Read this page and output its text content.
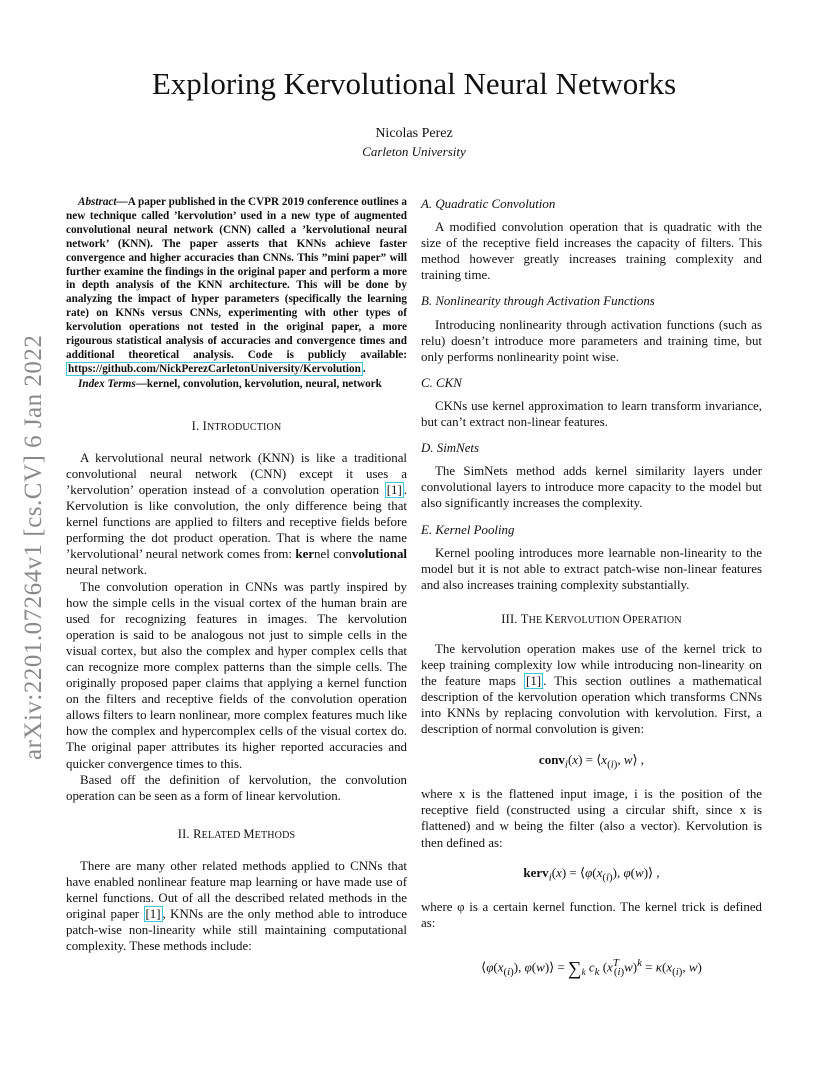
arXiv:2201.07264v1 [cs.CV] 6 Jan 2022
Exploring Kervolutional Neural Networks
Nicolas Perez
Carleton University

Abstract—A paper published in the CVPR 2019 conference outlines a new technique called ’kervolution’ used in a new type of augmented convolutional neural network (CNN) called a ’kervolutional neural network’ (KNN). The paper asserts that KNNs achieve faster convergence and higher accuracies than CNNs. This ”mini paper” will further examine the findings in the original paper and perform a more in depth analysis of the KNN architecture. This will be done by analyzing the impact of hyper parameters (specifically the learning rate) on KNNs versus CNNs, experimenting with other types of kervolution operations not tested in the original paper, a more rigourous statistical analysis of accuracies and convergence times and additional theoretical analysis. Code is publicly available: https://github.com/NickPerezCarletonUniversity/Kervolution .

Index Terms—kernel, convolution, kervolution, neural, network

I. INTRODUCTION

A kervolutional neural network (KNN) is like a traditional convolutional neural network (CNN) except it uses a ’kervolution’ operation instead of a convolution operation [1] . Kervolution is like convolution, the only difference being that kernel functions are applied to filters and receptive fields before performing the dot product operation. That is where the name ’kervolutional’ neural network comes from: kernel convolutional neural network.

The convolution operation in CNNs was partly inspired by how the simple cells in the visual cortex of the human brain are used for recognizing features in images. The kervolution operation is said to be analogous not just to simple cells in the visual cortex, but also the complex and hyper complex cells that can recognize more complex patterns than the simple cells. The originally proposed paper claims that applying a kernel function on the filters and receptive fields of the convolution operation allows filters to learn nonlinear, more complex features much like how the complex and hypercomplex cells of the visual cortex do. The original paper attributes its higher reported accuracies and quicker convergence times to this.

Based off the definition of kervolution, the convolution operation can be seen as a form of linear kervolution.

II. RELATED METHODS

There are many other related methods applied to CNNs that have enabled nonlinear feature map learning or have made use of kernel functions. Out of all the described related methods in the original paper [1] , KNNs are the only method able to introduce patch-wise non-linearity while still maintaining computational complexity. These methods include:

A. Quadratic Convolution

A modified convolution operation that is quadratic with the size of the receptive field increases the capacity of filters. This method however greatly increases training complexity and training time.

B. Nonlinearity through Activation Functions

Introducing nonlinearity through activation functions (such as relu) doesn’t introduce more parameters and training time, but only performs nonlinearity point wise.

C. CKN

CKNs use kernel approximation to learn transform invariance, but can’t extract non-linear features.

D. SimNets

The SimNets method adds kernel similarity layers under convolutional layers to introduce more capacity to the model but also significantly increases the complexity.

E. Kernel Pooling

Kernel pooling introduces more learnable non-linearity to the model but it is not able to extract patch-wise non-linear features and also increases training complexity substantially.

III. THE KERVOLUTION OPERATION

The kervolution operation makes use of the kernel trick to keep training complexity low while introducing non-linearity on the feature maps [1] . This section outlines a mathematical description of the kervolution operation which transforms CNNs into KNNs by replacing convolution with kervolution. First, a description of normal convolution is given:

conv$_i$(x) = $⟨x_{(i)}$, w⟩ ,

where x is the flattened input image, i is the position of the receptive field (constructed using a circular shift, since x is flattened) and w being the filter (also a vector). Kervolution is then defined as:

kerv$_i$(x) = $⟨\varphi(x_{(i)})$, φ(w)⟩ ,

where φ is a certain kernel function. The kernel trick is defined as:

$⟨\varphi(x_{(i)})$, φ(w)⟩ = $\sum_k$ $c_k$ $(x^T_{(i)}w)^k = \kappa(x_{(i)}$, w)
